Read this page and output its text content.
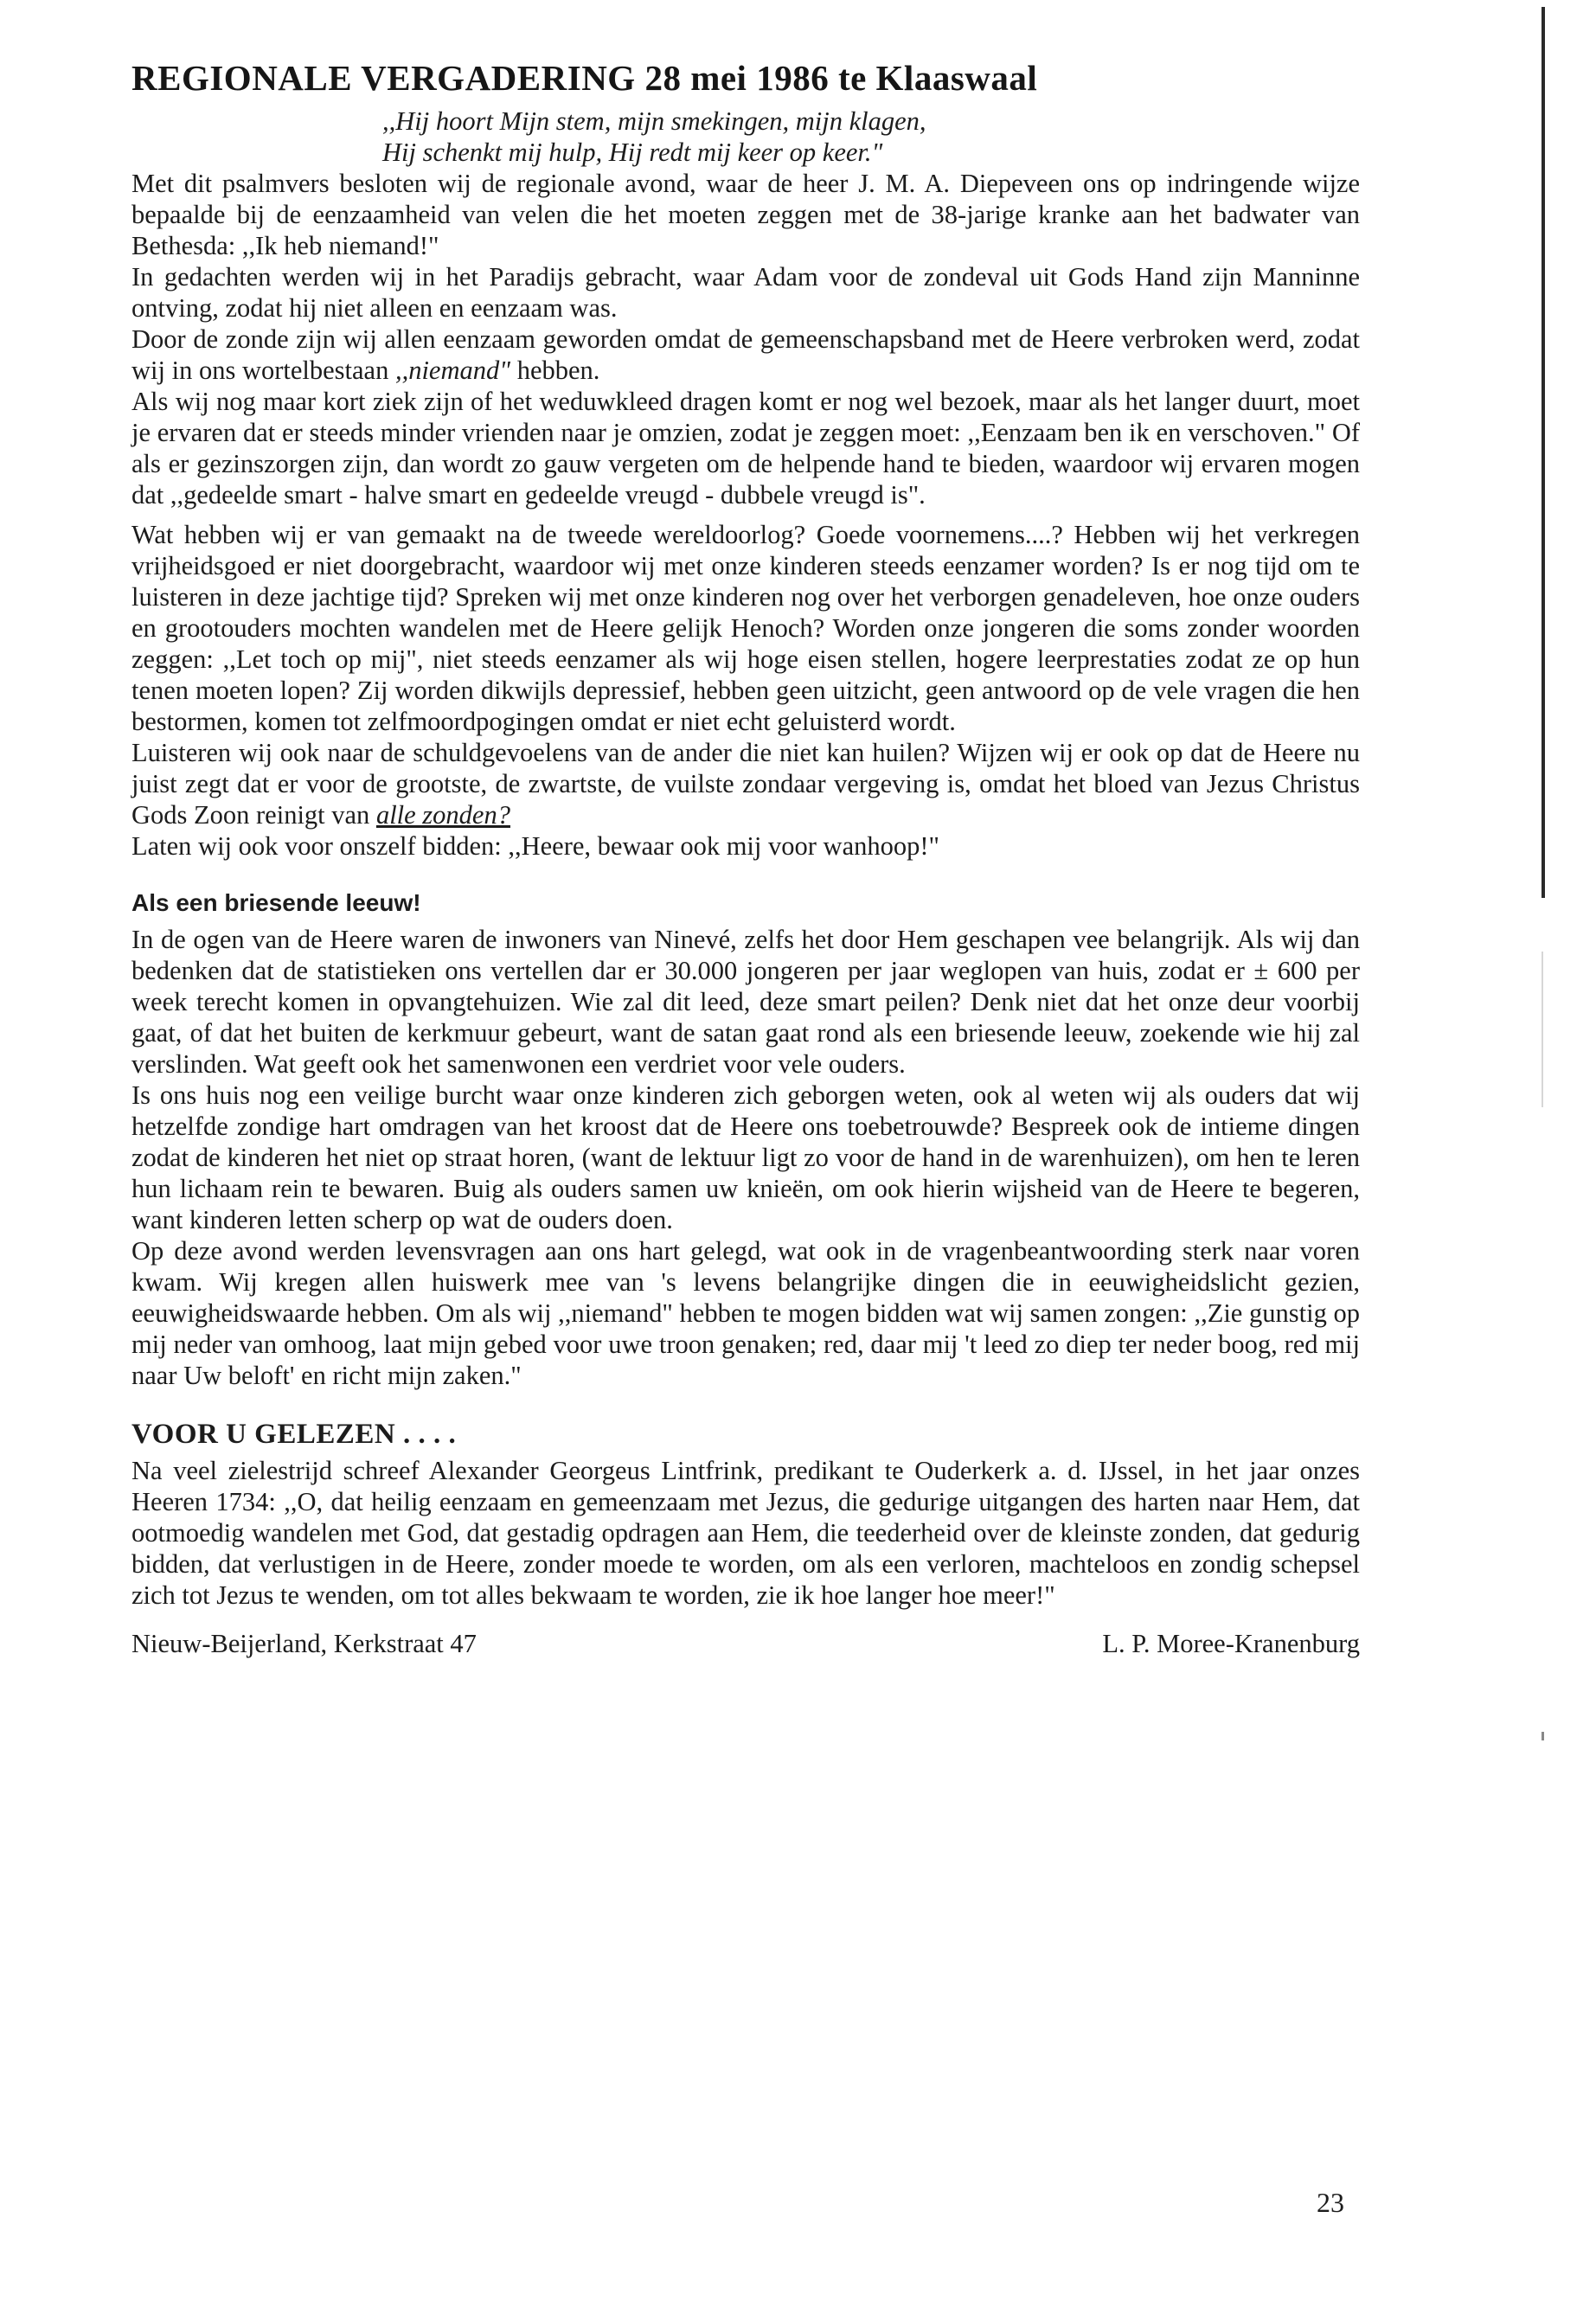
REGIONALE VERGADERING 28 mei 1986 te Klaaswaal
,,Hij hoort Mijn stem, mijn smekingen, mijn klagen,
Hij schenkt mij hulp, Hij redt mij keer op keer."

Met dit psalmvers besloten wij de regionale avond, waar de heer J. M. A. Diepeveen ons op indringende wijze bepaalde bij de eenzaamheid van velen die het moeten zeggen met de 38-jarige kranke aan het badwater van Bethesda: ,,Ik heb niemand!"

In gedachten werden wij in het Paradijs gebracht, waar Adam voor de zondeval uit Gods Hand zijn Manninne ontving, zodat hij niet alleen en eenzaam was.

Door de zonde zijn wij allen eenzaam geworden omdat de gemeenschapsband met de Heere verbroken werd, zodat wij in ons wortelbestaan ,,niemand" hebben.

Als wij nog maar kort ziek zijn of het weduwkleed dragen komt er nog wel bezoek, maar als het langer duurt, moet je ervaren dat er steeds minder vrienden naar je omzien, zodat je zeggen moet: ,,Eenzaam ben ik en verschoven." Of als er gezinszorgen zijn, dan wordt zo gauw vergeten om de helpende hand te bieden, waardoor wij ervaren mogen dat ,,gedeelde smart - halve smart en gedeelde vreugd - dubbele vreugd is".

Wat hebben wij er van gemaakt na de tweede wereldoorlog? Goede voornemens....? Hebben wij het verkregen vrijheidsgoed er niet doorgebracht, waardoor wij met onze kinderen steeds eenzamer worden? Is er nog tijd om te luisteren in deze jachtige tijd? Spreken wij met onze kinderen nog over het verborgen genadeleven, hoe onze ouders en grootouders mochten wandelen met de Heere gelijk Henoch? Worden onze jongeren die soms zonder woorden zeggen: ,,Let toch op mij", niet steeds eenzamer als wij hoge eisen stellen, hogere leerprestaties zodat ze op hun tenen moeten lopen? Zij worden dikwijls depressief, hebben geen uitzicht, geen antwoord op de vele vragen die hen bestormen, komen tot zelfmoordpogingen omdat er niet echt geluisterd wordt.

Luisteren wij ook naar de schuldgevoelens van de ander die niet kan huilen? Wijzen wij er ook op dat de Heere nu juist zegt dat er voor de grootste, de zwartste, de vuilste zondaar vergeving is, omdat het bloed van Jezus Christus Gods Zoon reinigt van alle zonden?

Laten wij ook voor onszelf bidden: ,,Heere, bewaar ook mij voor wanhoop!"

Als een briesende leeuw!

In de ogen van de Heere waren de inwoners van Ninevé, zelfs het door Hem geschapen vee belangrijk. Als wij dan bedenken dat de statistieken ons vertellen dar er 30.000 jongeren per jaar weglopen van huis, zodat er ± 600 per week terecht komen in opvangtehuizen. Wie zal dit leed, deze smart peilen? Denk niet dat het onze deur voorbij gaat, of dat het buiten de kerkmuur gebeurt, want de satan gaat rond als een briesende leeuw, zoekende wie hij zal verslinden. Wat geeft ook het samenwonen een verdriet voor vele ouders.

Is ons huis nog een veilige burcht waar onze kinderen zich geborgen weten, ook al weten wij als ouders dat wij hetzelfde zondige hart omdragen van het kroost dat de Heere ons toebetrouwde? Bespreek ook de intieme dingen zodat de kinderen het niet op straat horen, (want de lektuur ligt zo voor de hand in de warenhuizen), om hen te leren hun lichaam rein te bewaren. Buig als ouders samen uw knieën, om ook hierin wijsheid van de Heere te begeren, want kinderen letten scherp op wat de ouders doen.

Op deze avond werden levensvragen aan ons hart gelegd, wat ook in de vragenbeantwoording sterk naar voren kwam. Wij kregen allen huiswerk mee van 's levens belangrijke dingen die in eeuwigheidslicht gezien, eeuwigheidswaarde hebben. Om als wij ,,niemand" hebben te mogen bidden wat wij samen zongen: ,,Zie gunstig op mij neder van omhoog, laat mijn gebed voor uwe troon genaken; red, daar mij 't leed zo diep ter neder boog, red mij naar Uw beloft' en richt mijn zaken."

VOOR U GELEZEN . . . .

Na veel zielestrijd schreef Alexander Georgeus Lintfrink, predikant te Ouderkerk a. d. IJssel, in het jaar onzes Heeren 1734: ,,O, dat heilig eenzaam en gemeenzaam met Jezus, die gedurige uitgangen des harten naar Hem, dat ootmoedig wandelen met God, dat gestadig opdragen aan Hem, die teederheid over de kleinste zonden, dat gedurig bidden, dat verlustigen in de Heere, zonder moede te worden, om als een verloren, machteloos en zondig schepsel zich tot Jezus te wenden, om tot alles bekwaam te worden, zie ik hoe langer hoe meer!"

Nieuw-Beijerland, Kerkstraat 47	L. P. Moree-Kranenburg
23
